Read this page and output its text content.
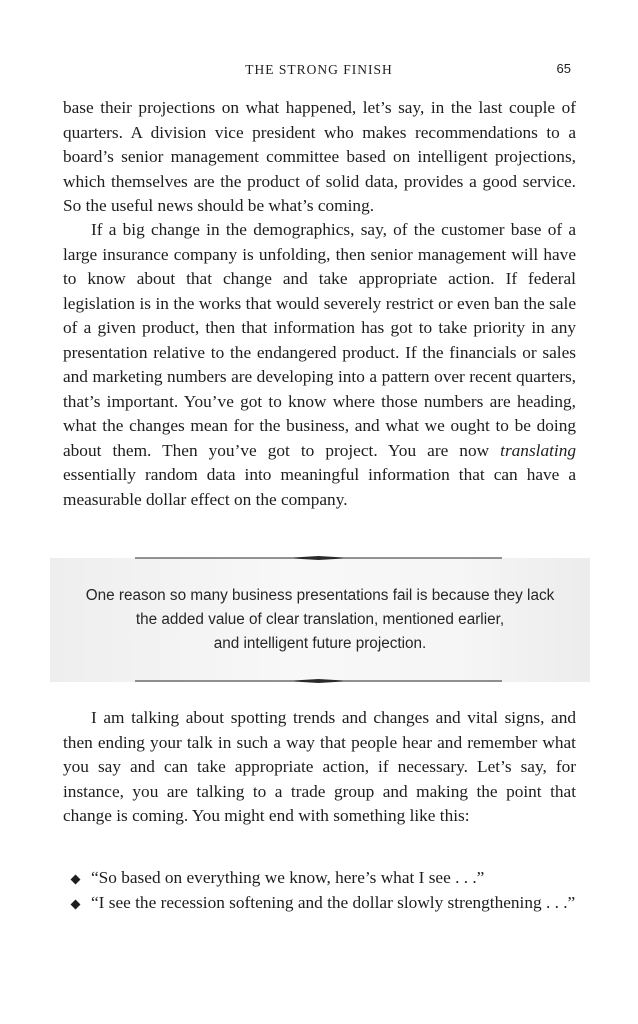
THE STRONG FINISH	65

base their projections on what happened, let’s say, in the last couple of quarters. A division vice president who makes recommendations to a board’s senior management committee based on intelligent projections, which themselves are the product of solid data, provides a good service. So the useful news should be what’s coming.

If a big change in the demographics, say, of the customer base of a large insurance company is unfolding, then senior management will have to know about that change and take appropriate action. If federal legislation is in the works that would severely restrict or even ban the sale of a given product, then that information has got to take priority in any presentation relative to the endangered product. If the financials or sales and marketing numbers are developing into a pattern over recent quarters, that’s important. You’ve got to know where those numbers are heading, what the changes mean for the business, and what we ought to be doing about them. Then you’ve got to project. You are now translating essentially random data into meaningful information that can have a measurable dollar effect on the company.

One reason so many business presentations fail is because they lack
the added value of clear translation, mentioned earlier,
and intelligent future projection.

I am talking about spotting trends and changes and vital signs, and then ending your talk in such a way that people hear and remember what you say and can take appropriate action, if necessary. Let’s say, for instance, you are talking to a trade group and making the point that change is coming. You might end with something like this:

“So based on everything we know, here’s what I see . . .”
“I see the recession softening and the dollar slowly strengthening . . .”
